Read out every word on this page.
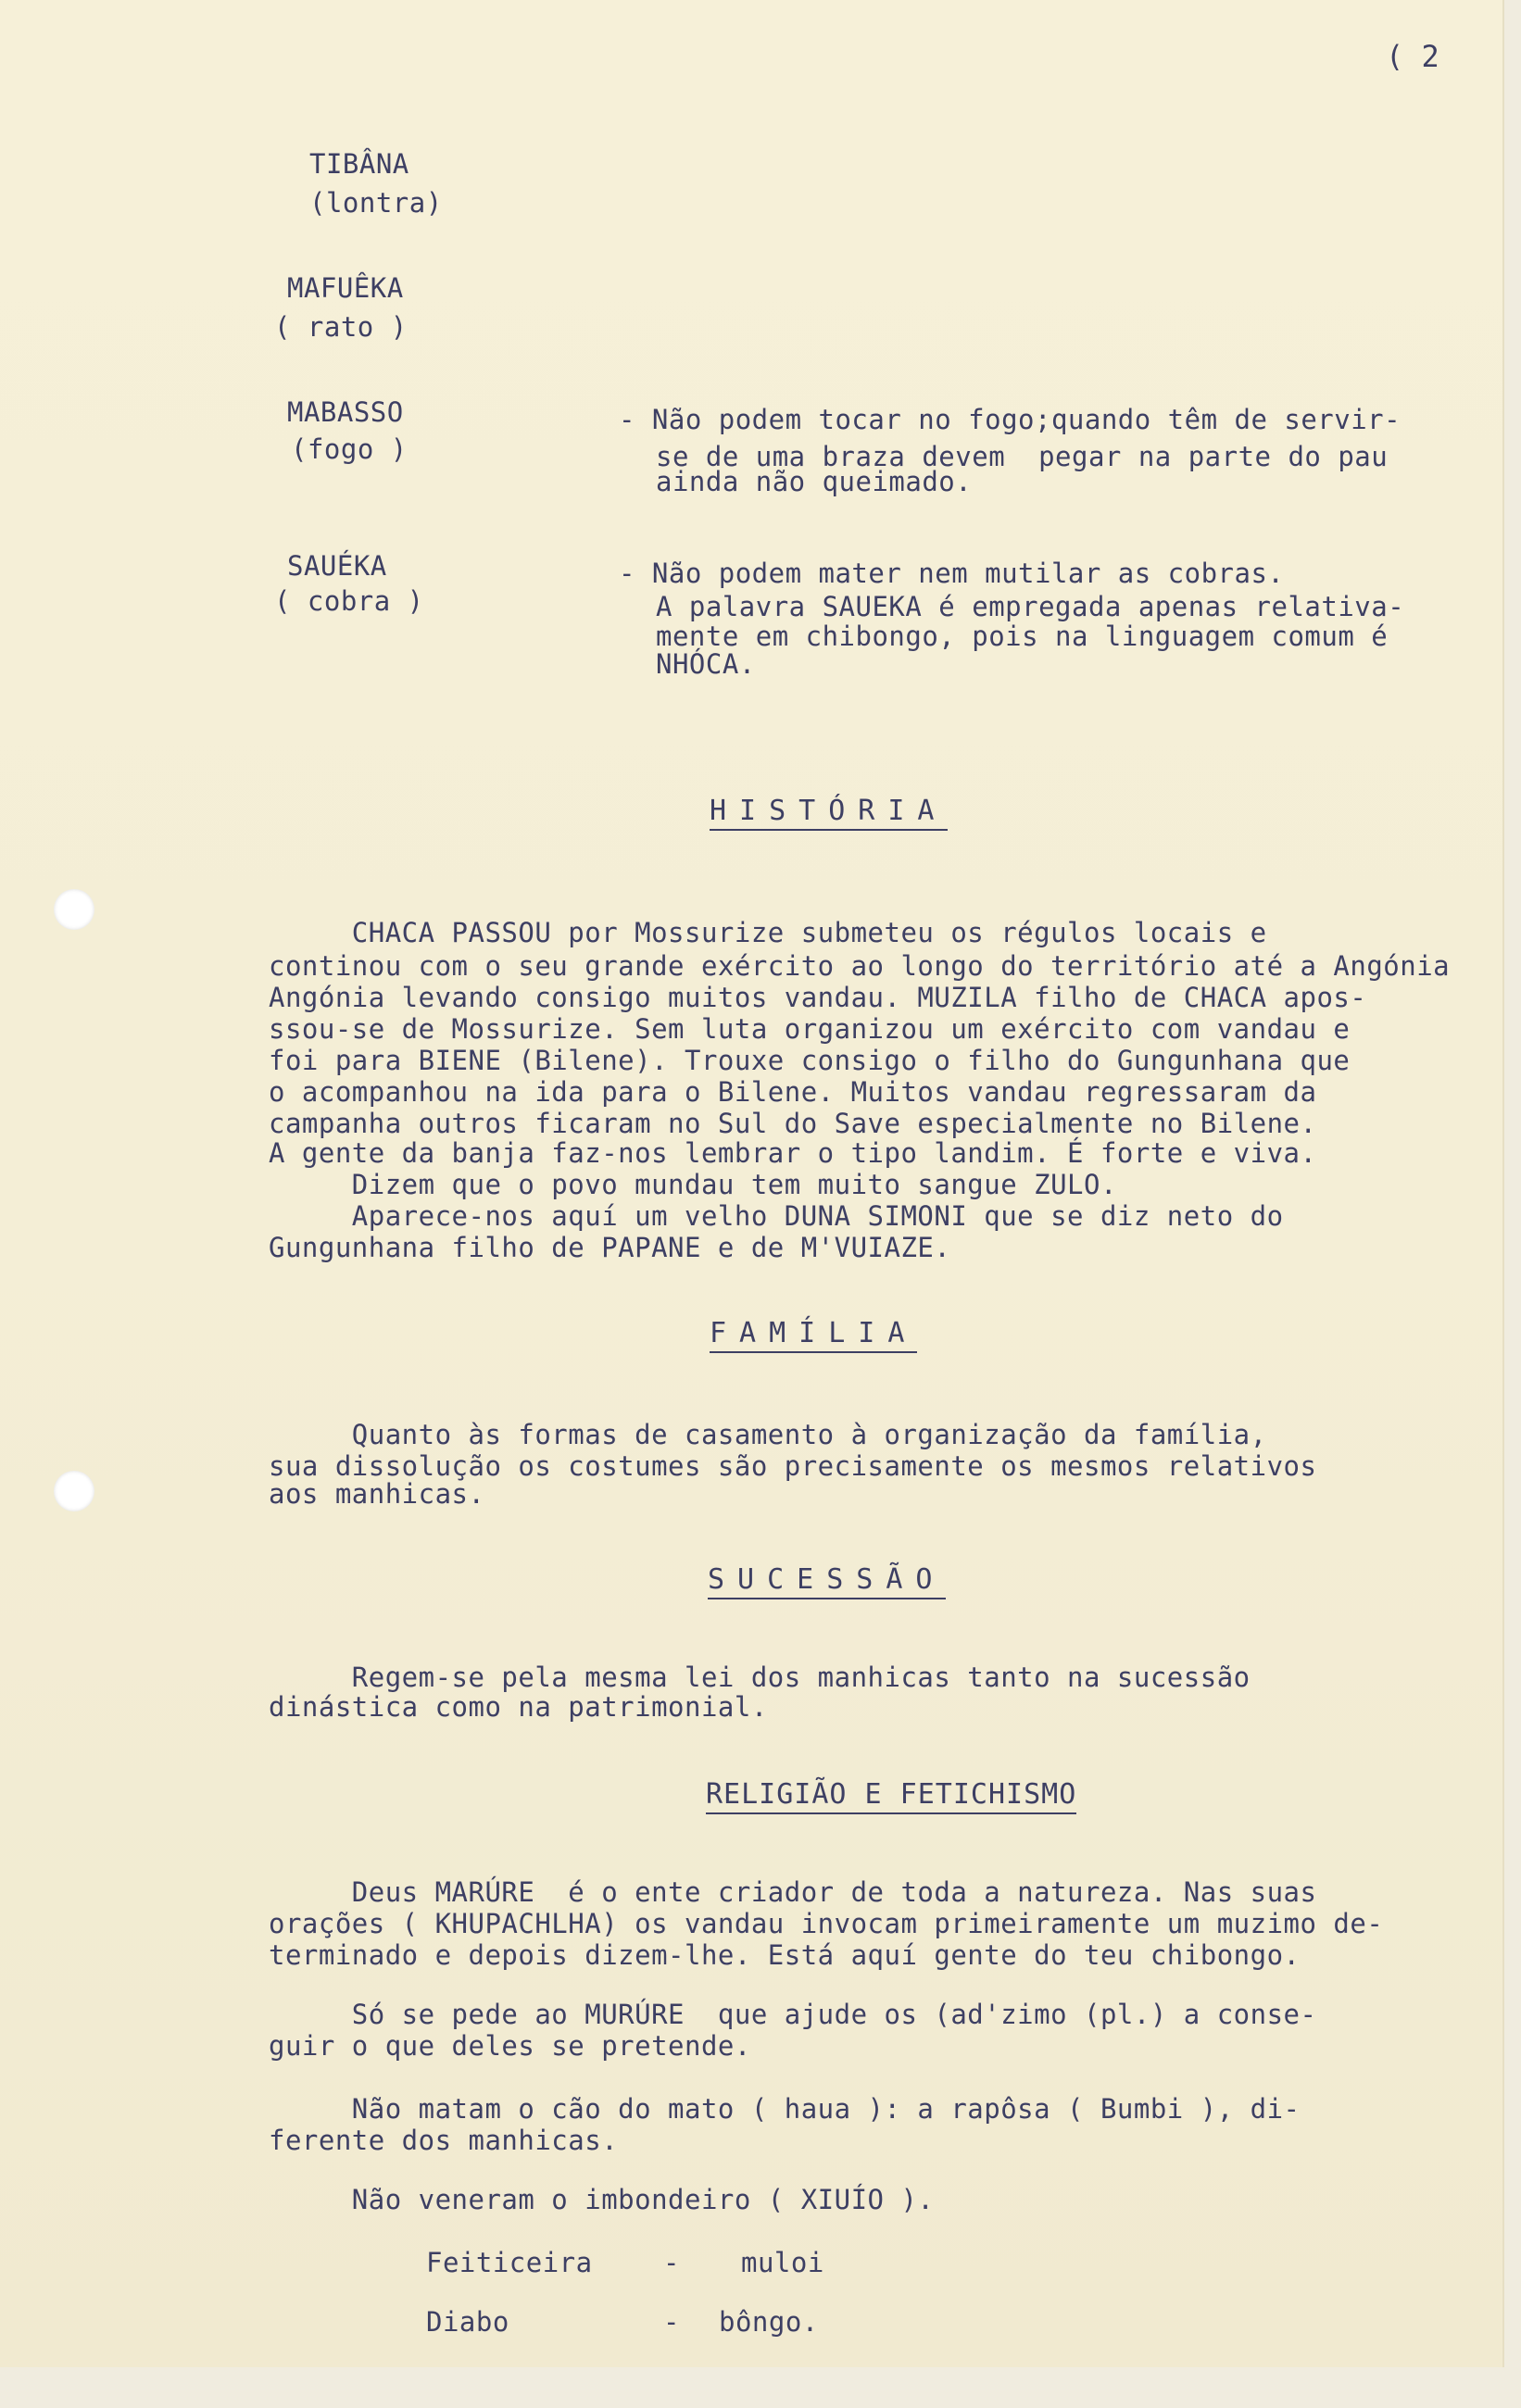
( 2
TIBÂNA
(lontra)
MAFUÊKA
( rato )
MABASSO
(fogo )
- Não podem tocar no fogo;quando têm de servir-
se de uma braza devem  pegar na parte do pau
ainda não queimado.
SAUÉKA
( cobra )
- Não podem mater nem mutilar as cobras.
A palavra SAUEKA é empregada apenas relativa-
mente em chibongo, pois na linguagem comum é
NHÓCA.
HISTÓRIA
CHACA PASSOU por Mossurize submeteu os régulos locais e
continou com o seu grande exército ao longo do território até a Angónia
Angónia levando consigo muitos vandau. MUZILA filho de CHACA apos-
ssou-se de Mossurize. Sem luta organizou um exército com vandau e
foi para BIENE (Bilene). Trouxe consigo o filho do Gungunhana que
o acompanhou na ida para o Bilene. Muitos vandau regressaram da
campanha outros ficaram no Sul do Save especialmente no Bilene.
A gente da banja faz-nos lembrar o tipo landim. É forte e viva.
Dizem que o povo mundau tem muito sangue ZULO.
Aparece-nos aquí um velho DUNA SIMONI que se diz neto do
Gungunhana filho de PAPANE e de M'VUIAZE.
FAMÍLIA
Quanto às formas de casamento à organização da família,
sua dissolução os costumes são precisamente os mesmos relativos
aos manhicas.
SUCESSÃO
Regem-se pela mesma lei dos manhicas tanto na sucessão
dinástica como na patrimonial.
RELIGIÃO E FETICHISMO
Deus MARÚRE  é o ente criador de toda a natureza. Nas suas
orações ( KHUPACHLHA) os vandau invocam primeiramente um muzimo de-
terminado e depois dizem-lhe. Está aquí gente do teu chibongo.
Só se pede ao MURÚRE  que ajude os (ad'zimo (pl.) a conse-
guir o que deles se pretende.
Não matam o cão do mato ( haua ): a rapôsa ( Bumbi ), di-
ferente dos manhicas.
Não veneram o imbondeiro ( XIUÍO ).
Feiticeira	- muloi
Diabo	- bôngo.
